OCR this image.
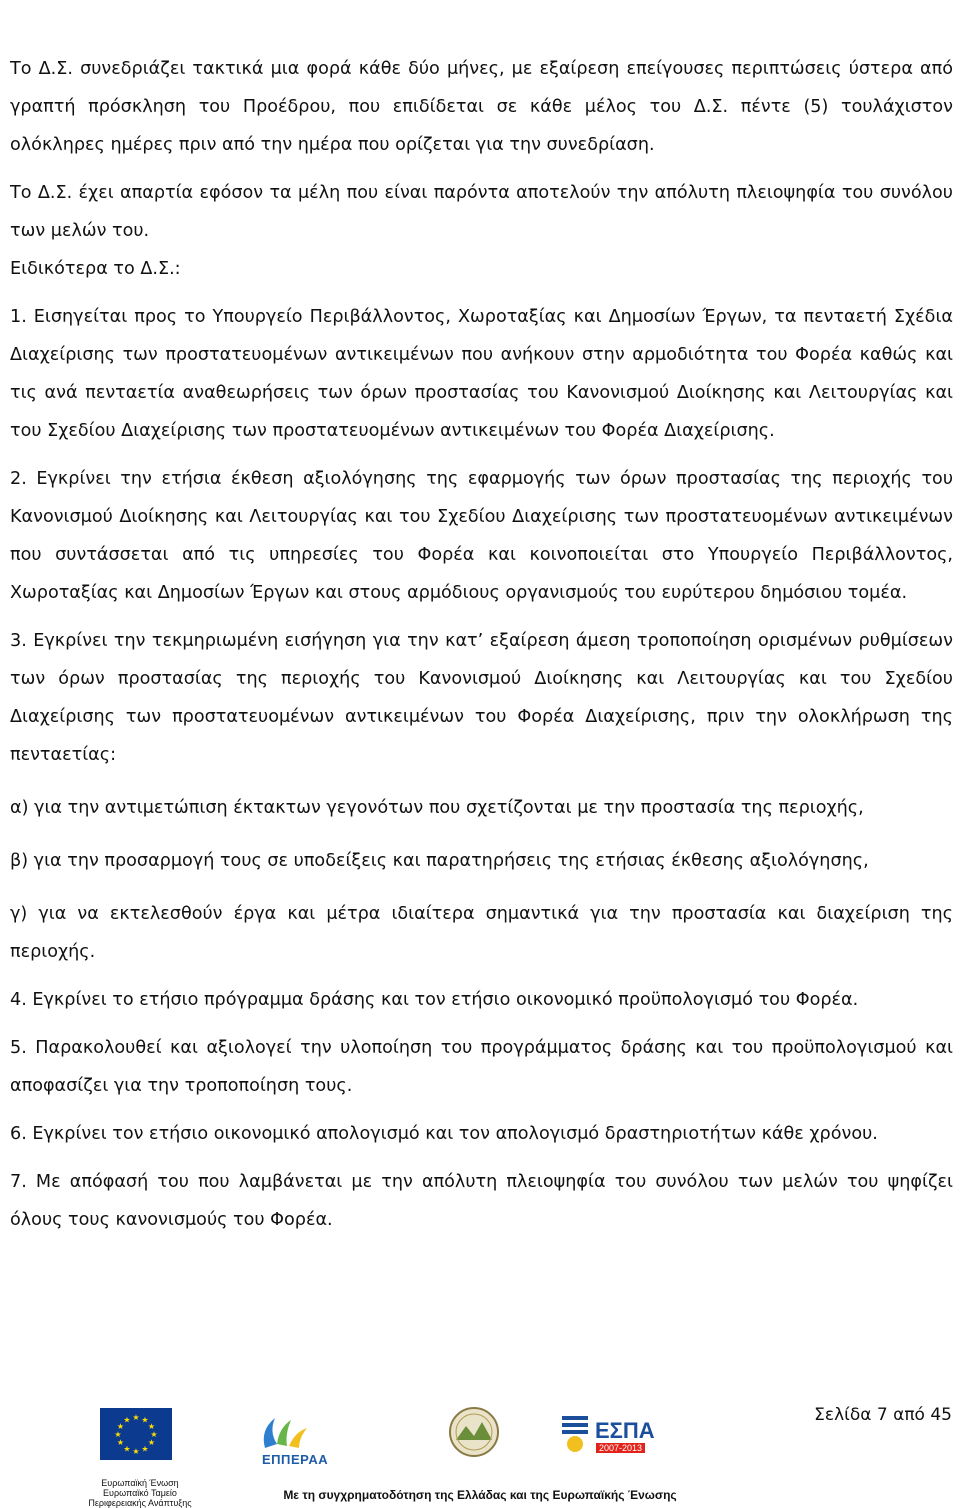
Το Δ.Σ. συνεδριάζει τακτικά μια φορά κάθε δύο μήνες, με εξαίρεση επείγουσες περιπτώσεις ύστερα από γραπτή πρόσκληση του Προέδρου, που επιδίδεται σε κάθε μέλος του Δ.Σ. πέντε (5) τουλάχιστον ολόκληρες ημέρες πριν από την ημέρα που ορίζεται για την συνεδρίαση.

Το Δ.Σ. έχει απαρτία εφόσον τα μέλη που είναι παρόντα αποτελούν την απόλυτη πλειοψηφία του συνόλου των μελών του.

Ειδικότερα το Δ.Σ.:

1. Εισηγείται προς το Υπουργείο Περιβάλλοντος, Χωροταξίας και Δημοσίων Έργων, τα πενταετή Σχέδια Διαχείρισης των προστατευομένων αντικειμένων που ανήκουν στην αρμοδιότητα του Φορέα καθώς και τις ανά πενταετία αναθεωρήσεις των όρων προστασίας του Κανονισμού Διοίκησης και Λειτουργίας και του Σχεδίου Διαχείρισης των προστατευομένων αντικειμένων του Φορέα Διαχείρισης.

2. Εγκρίνει την ετήσια έκθεση αξιολόγησης της εφαρμογής των όρων προστασίας της περιοχής του Κανονισμού Διοίκησης και Λειτουργίας και του Σχεδίου Διαχείρισης των προστατευομένων αντικειμένων που συντάσσεται από τις υπηρεσίες του Φορέα και κοινοποιείται στο Υπουργείο Περιβάλλοντος, Χωροταξίας και Δημοσίων Έργων και στους αρμόδιους οργανισμούς του ευρύτερου δημόσιου τομέα.

3. Εγκρίνει την τεκμηριωμένη εισήγηση για την κατ’ εξαίρεση άμεση τροποποίηση ορισμένων ρυθμίσεων των όρων προστασίας της περιοχής του Κανονισμού Διοίκησης και Λειτουργίας και του Σχεδίου Διαχείρισης των προστατευομένων αντικειμένων του Φορέα Διαχείρισης, πριν την ολοκλήρωση της πενταετίας:

α) για την αντιμετώπιση έκτακτων γεγονότων που σχετίζονται με την προστασία της περιοχής,

β) για την προσαρμογή τους σε υποδείξεις και παρατηρήσεις της ετήσιας έκθεσης αξιολόγησης,

γ) για να εκτελεσθούν έργα και μέτρα ιδιαίτερα σημαντικά για την προστασία και διαχείριση της περιοχής.

4. Εγκρίνει το ετήσιο πρόγραμμα δράσης και τον ετήσιο οικονομικό προϋπολογισμό του Φορέα.

5. Παρακολουθεί και αξιολογεί την υλοποίηση του προγράμματος δράσης και του προϋπολογισμού και αποφασίζει για την τροποποίηση τους.

6. Εγκρίνει τον ετήσιο οικονομικό απολογισμό και τον απολογισμό δραστηριοτήτων κάθε χρόνου.

7. Με απόφασή του που λαμβάνεται με την απόλυτη πλειοψηφία του συνόλου των μελών του ψηφίζει όλους τους κανονισμούς του Φορέα.

Σελίδα 7 από 45
★ ★
★
★
★
★
★
★
★
★
★
★
Ευρωπαϊκή Ένωση
Ευρωπαϊκό Ταμείο
Περιφερειακής Ανάπτυξης
ΕΠΠΕΡΑΑ
ΕΣΠΑ
2007-2013
Με τη συγχρηματοδότηση της Ελλάδας και της Ευρωπαϊκής Ένωσης
